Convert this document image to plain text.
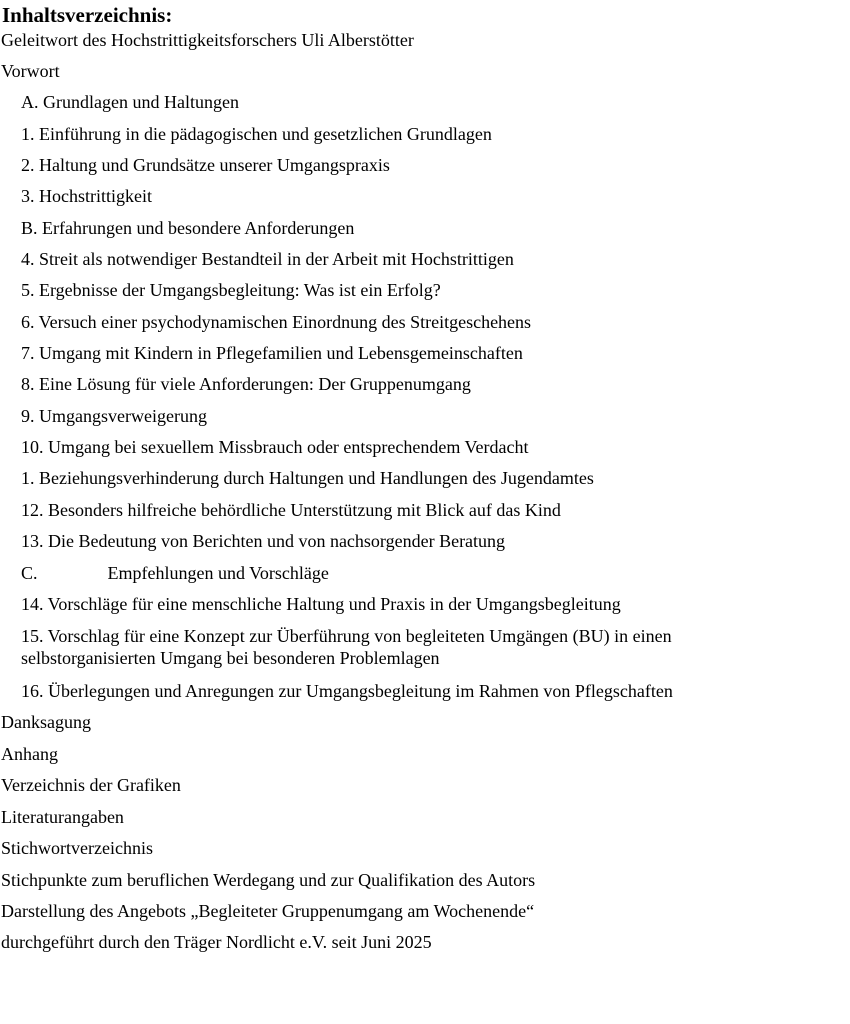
Inhaltsverzeichnis:
Geleitwort des Hochstrittigkeitsforschers Uli Alberstötter
Vorwort
A. Grundlagen und Haltungen
1. Einführung in die pädagogischen und gesetzlichen Grundlagen
2. Haltung und Grundsätze unserer Umgangspraxis
3. Hochstrittigkeit
B. Erfahrungen und besondere Anforderungen
4. Streit als notwendiger Bestandteil in der Arbeit mit Hochstrittigen
5. Ergebnisse der Umgangsbegleitung: Was ist ein Erfolg?
6. Versuch einer psychodynamischen Einordnung des Streitgeschehens
7. Umgang mit Kindern in Pflegefamilien und Lebensgemeinschaften
8. Eine Lösung für viele Anforderungen: Der Gruppenumgang
9. Umgangsverweigerung
10. Umgang bei sexuellem Missbrauch oder entsprechendem Verdacht
1. Beziehungsverhinderung durch Haltungen und Handlungen des Jugendamtes
12. Besonders hilfreiche behördliche Unterstützung mit Blick auf das Kind
13. Die Bedeutung von Berichten und von nachsorgender Beratung
C.	Empfehlungen und Vorschläge
14. Vorschläge für eine menschliche Haltung und Praxis in der Umgangsbegleitung
15. Vorschlag für eine Konzept zur Überführung von begleiteten Umgängen (BU) in einen selbstorganisierten Umgang bei besonderen Problemlagen
16. Überlegungen und Anregungen zur Umgangsbegleitung im Rahmen von Pflegschaften
Danksagung
Anhang
Verzeichnis der Grafiken
Literaturangaben
Stichwortverzeichnis
Stichpunkte zum beruflichen Werdegang und zur Qualifikation des Autors
Darstellung des Angebots „Begleiteter Gruppenumgang am Wochenende“
durchgeführt durch den Träger Nordlicht e.V. seit Juni 2025
